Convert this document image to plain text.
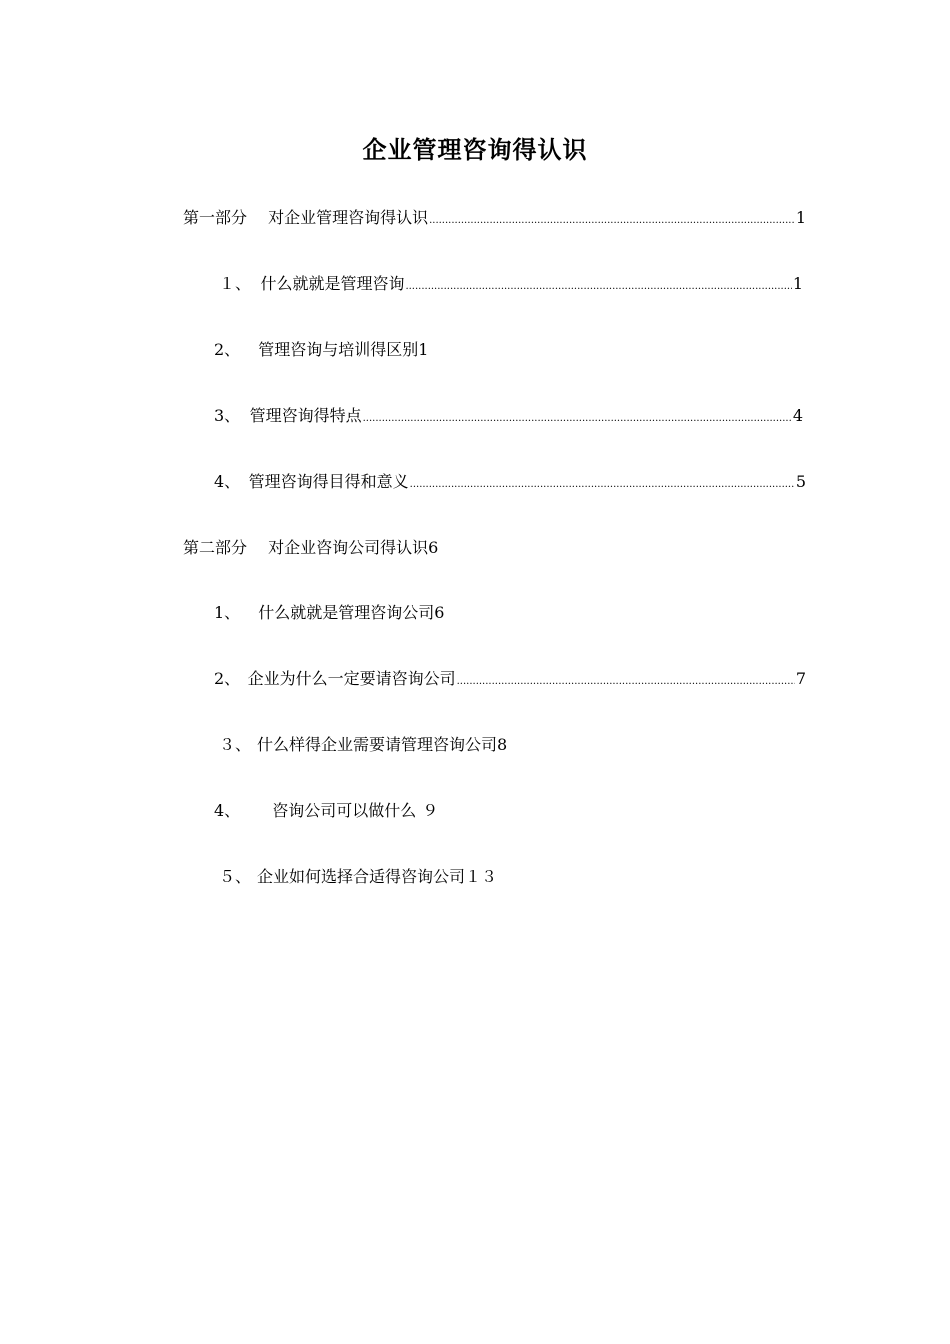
企业管理咨询得认识
第一部分　 对企业管理咨询得认识 .....	1
１、 什么就就是管理咨询 .....	1
2、 管理咨询与培训得区别 1
3、 管理咨询得特点 .....	4
4、 管理咨询得目得和意义 .....	5
第二部分　 对企业咨询公司得认识 6
1、 什么就就是管理咨询公司 6
2、 企业为什么一定要请咨询公司 .....	7
３、 什么样得企业需要请管理咨询公司 8
4、 咨询公司可以做什么 ９
５、 企业如何选择合适得咨询公司 １３
